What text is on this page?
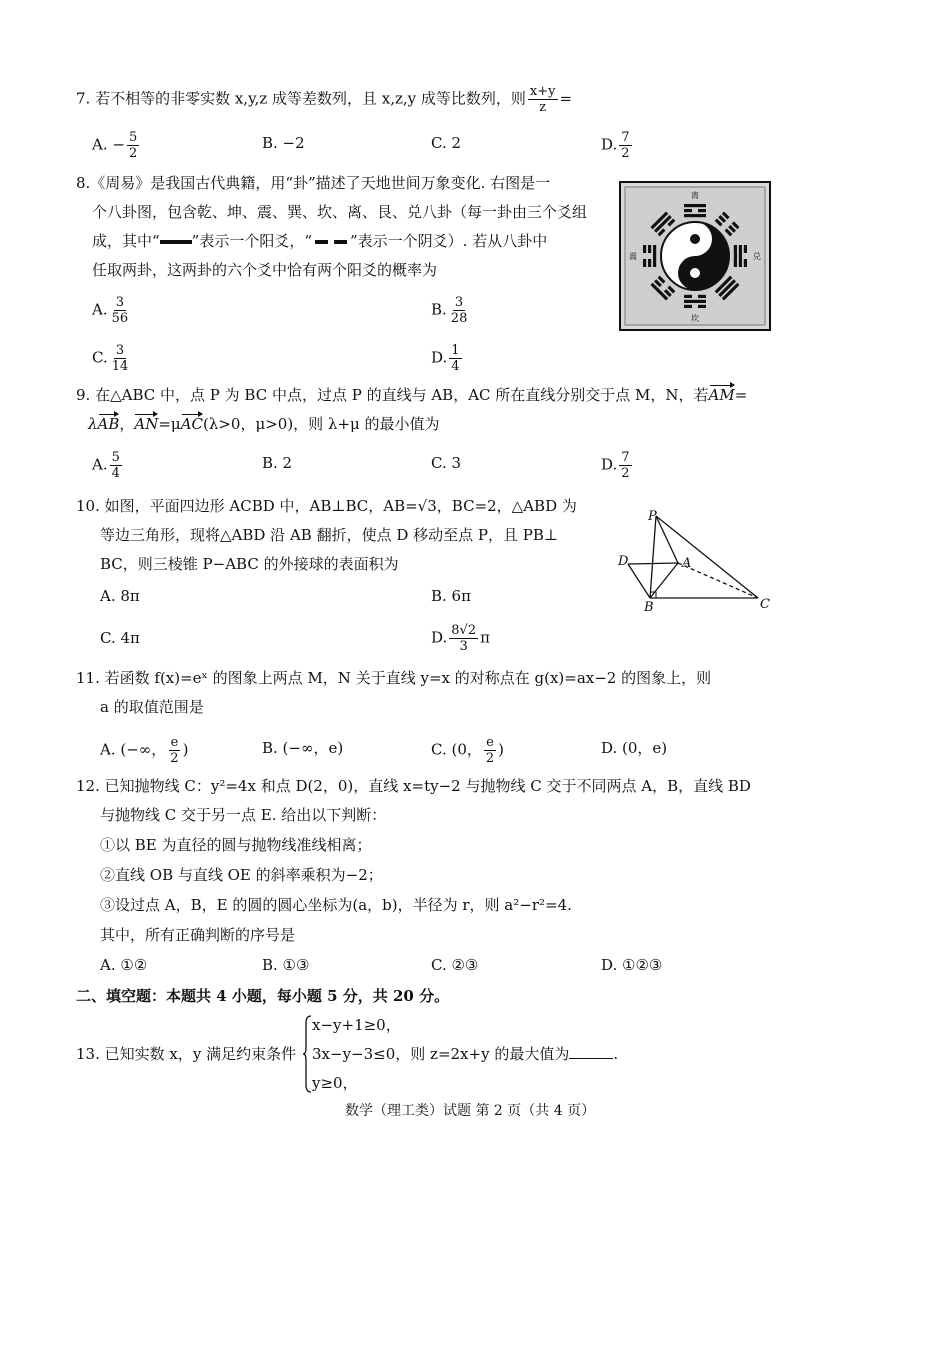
7. 若不相等的非零实数 x,y,z 成等差数列，且 x,z,y 成等比数列，则 $\frac{x+y}{z}$ =
A. − $\frac{5}{2}$	B. −2	C. 2	D. $\frac{7}{2}$
8.《周易》是我国古代典籍，用“卦”描述了天地世间万象变化. 右图是一
个八卦图，包含乾、坤、震、巽、坎、离、艮、兑八卦（每一卦由三个爻组
成，其中“ ”表示一个阳爻，“	”表示一个阴爻）. 若从八卦中
任取两卦，这两卦的六个爻中恰有两个阳爻的概率为
A. $\frac{3}{56}$	B. $\frac{3}{28}$
C. $\frac{3}{14}$	D. $\frac{1}{4}$
离
兑
坎
震
9. 在△ABC 中，点 P 为 BC 中点，过点 P 的直线与 AB，AC 所在直线分别交于点 M，N，若AM=
λAB，AN=μAC(λ>0，μ>0)，则 λ+μ 的最小值为
A. $\frac{5}{4}$	B. 2	C. 3	D. $\frac{7}{2}$
10. 如图，平面四边形 ACBD 中，AB⊥BC，AB=√3，BC=2，△ABD 为
等边三角形，现将△ABD 沿 AB 翻折，使点 D 移动至点 P，且 PB⊥
BC，则三棱锥 P−ABC 的外接球的表面积为
A. 8π	B. 6π
C. 4π	D. $\frac{8√2}{3}$ π
P
D	A
B	C
11. 若函数 f(x)=eˣ 的图象上两点 M，N 关于直线 y=x 的对称点在 g(x)=ax−2 的图象上，则
a 的取值范围是
A. (−∞， $\frac{e}{2}$ )	B. (−∞，e)	C. (0， $\frac{e}{2}$ )	D. (0，e)
12. 已知抛物线 C：y²=4x 和点 D(2，0)，直线 x=ty−2 与抛物线 C 交于不同两点 A，B，直线 BD
与抛物线 C 交于另一点 E. 给出以下判断：
①以 BE 为直径的圆与抛物线准线相离；
②直线 OB 与直线 OE 的斜率乘积为−2；
③设过点 A，B，E 的圆的圆心坐标为(a，b)，半径为 r，则 a²−r²=4.
其中，所有正确判断的序号是
A. ①②	B. ①③	C. ②③	D. ①②③
二、填空题：本题共 4 小题，每小题 5 分，共 20 分。
13. 已知实数 x，y 满足约束条件
x−y+1≥0，
3x−y−3≤0，则 z=2x+y 的最大值为	.
y≥0，
数学（理工类）试题 第 2 页（共 4 页）
